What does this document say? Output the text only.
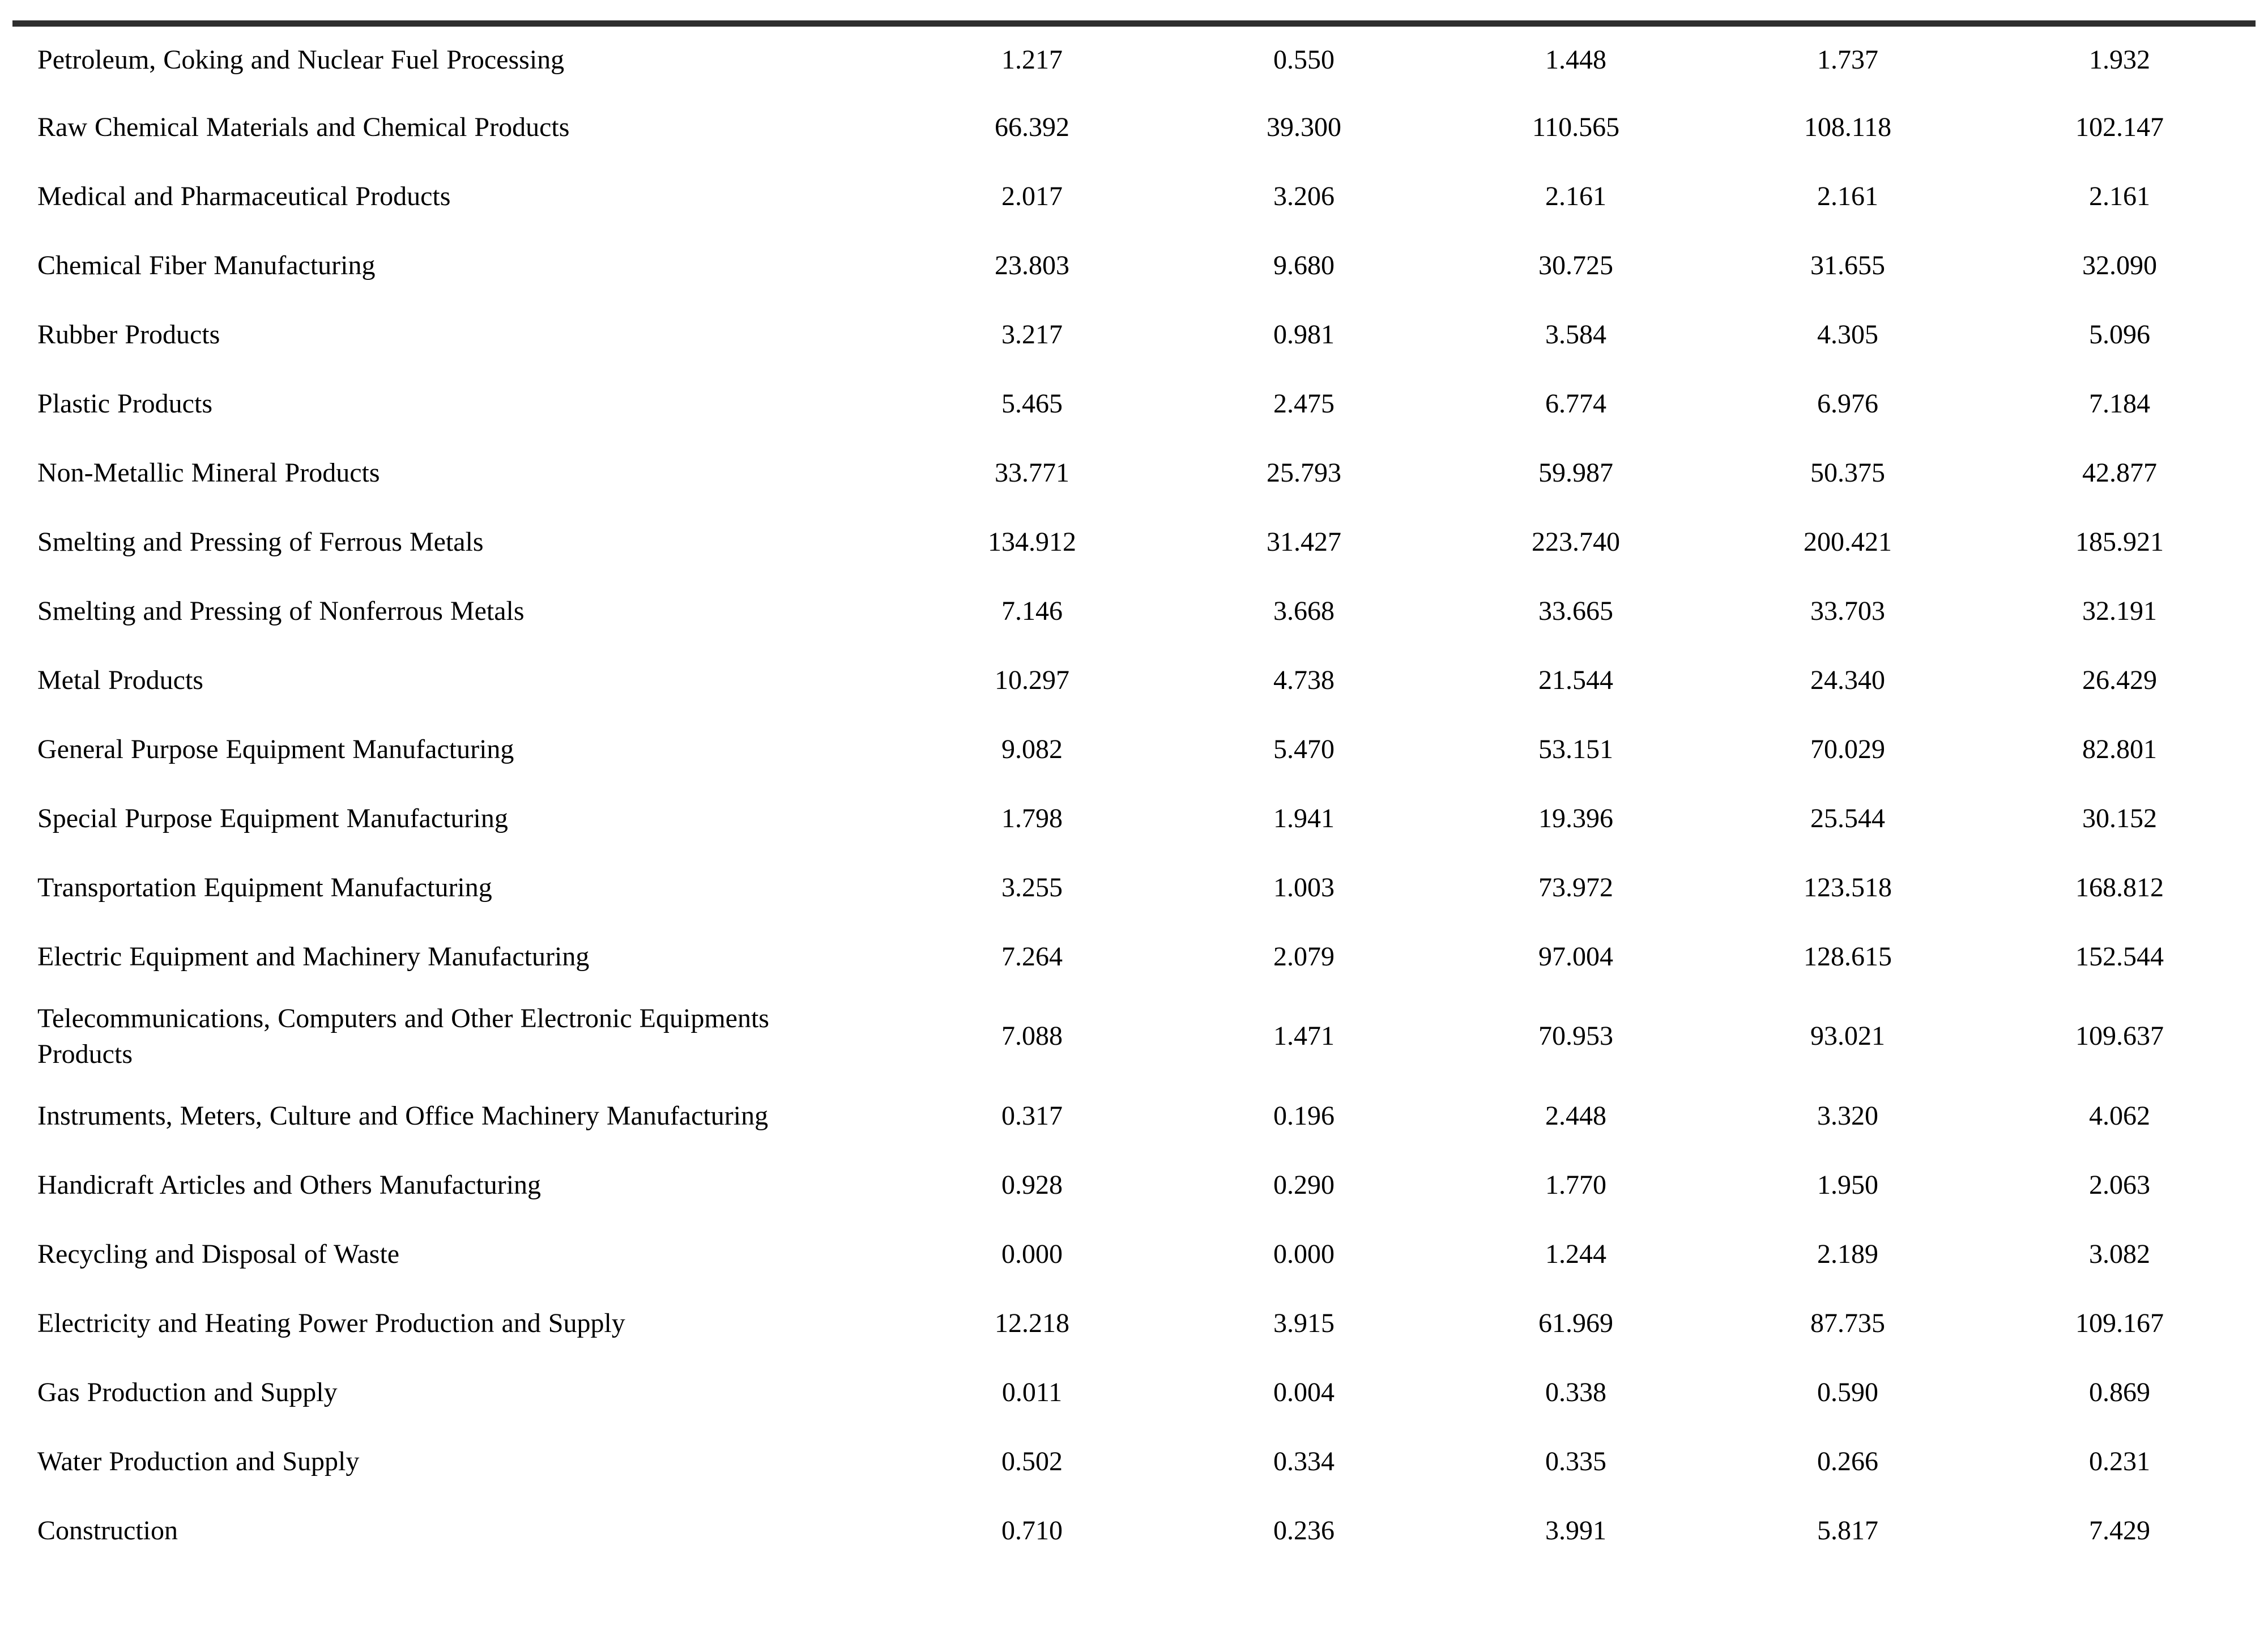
Petroleum, Coking and Nuclear Fuel Processing	1.217	0.550	1.448	1.737	1.932
Raw Chemical Materials and Chemical Products	66.392	39.300	110.565	108.118	102.147
Medical and Pharmaceutical Products	2.017	3.206	2.161	2.161	2.161
Chemical Fiber Manufacturing	23.803	9.680	30.725	31.655	32.090
Rubber Products	3.217	0.981	3.584	4.305	5.096
Plastic Products	5.465	2.475	6.774	6.976	7.184
Non-Metallic Mineral Products	33.771	25.793	59.987	50.375	42.877
Smelting and Pressing of Ferrous Metals	134.912	31.427	223.740	200.421	185.921
Smelting and Pressing of Nonferrous Metals	7.146	3.668	33.665	33.703	32.191
Metal Products	10.297	4.738	21.544	24.340	26.429
General Purpose Equipment Manufacturing	9.082	5.470	53.151	70.029	82.801
Special Purpose Equipment Manufacturing	1.798	1.941	19.396	25.544	30.152
Transportation Equipment Manufacturing	3.255	1.003	73.972	123.518	168.812
Electric Equipment and Machinery Manufacturing	7.264	2.079	97.004	128.615	152.544
Telecommunications, Computers and Other Electronic Equipments Products	7.088	1.471	70.953	93.021	109.637
Instruments, Meters, Culture and Office Machinery Manufacturing	0.317	0.196	2.448	3.320	4.062
Handicraft Articles and Others Manufacturing	0.928	0.290	1.770	1.950	2.063
Recycling and Disposal of Waste	0.000	0.000	1.244	2.189	3.082
Electricity and Heating Power Production and Supply	12.218	3.915	61.969	87.735	109.167
Gas Production and Supply	0.011	0.004	0.338	0.590	0.869
Water Production and Supply	0.502	0.334	0.335	0.266	0.231
Construction	0.710	0.236	3.991	5.817	7.429
